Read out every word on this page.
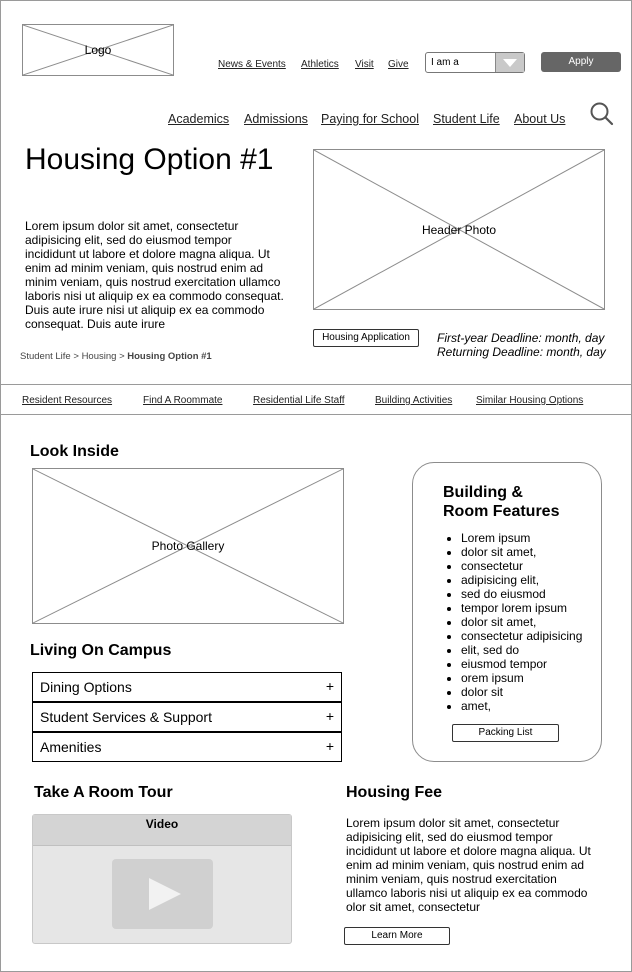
Logo
News & Events Athletics Visit Give I am a	Apply
Academics Admissions Paying for School Student Life About Us
Housing Option #1
Lorem ipsum dolor sit amet, consectetur adipisicing elit, sed do eiusmod tempor incididunt ut labore et dolore magna aliqua. Ut enim ad minim veniam, quis nostrud enim ad minim veniam, quis nostrud exercitation ullamco laboris nisi ut aliquip ex ea commodo consequat. Duis aute irure nisi ut aliquip ex ea commodo consequat. Duis aute irure
Header Photo
Housing Application	First-year Deadline: month, day
Returning Deadline: month, day
Student Life > Housing > Housing Option #1
Resident Resources	Find A Roommate	Residential Life Staff	Building Activities Similar Housing Options
Look Inside
Photo Gallery
Living On Campus
Dining Options	+
Student Services & Support	+
Amenities	+
Building &
Room Features
• Lorem ipsum
• dolor sit amet,
• consectetur
• adipisicing elit,
• sed do eiusmod
• tempor lorem ipsum
• dolor sit amet,
• consectetur adipisicing
• elit, sed do
• eiusmod tempor
• orem ipsum
• dolor sit
• amet,
Packing List
Take A Room Tour
Video
Housing Fee
Lorem ipsum dolor sit amet, consectetur adipisicing elit, sed do eiusmod tempor incididunt ut labore et dolore magna aliqua. Ut enim ad minim veniam, quis nostrud enim ad minim veniam, quis nostrud exercitation ullamco laboris nisi ut aliquip ex ea commodo olor sit amet, consectetur
Learn More
